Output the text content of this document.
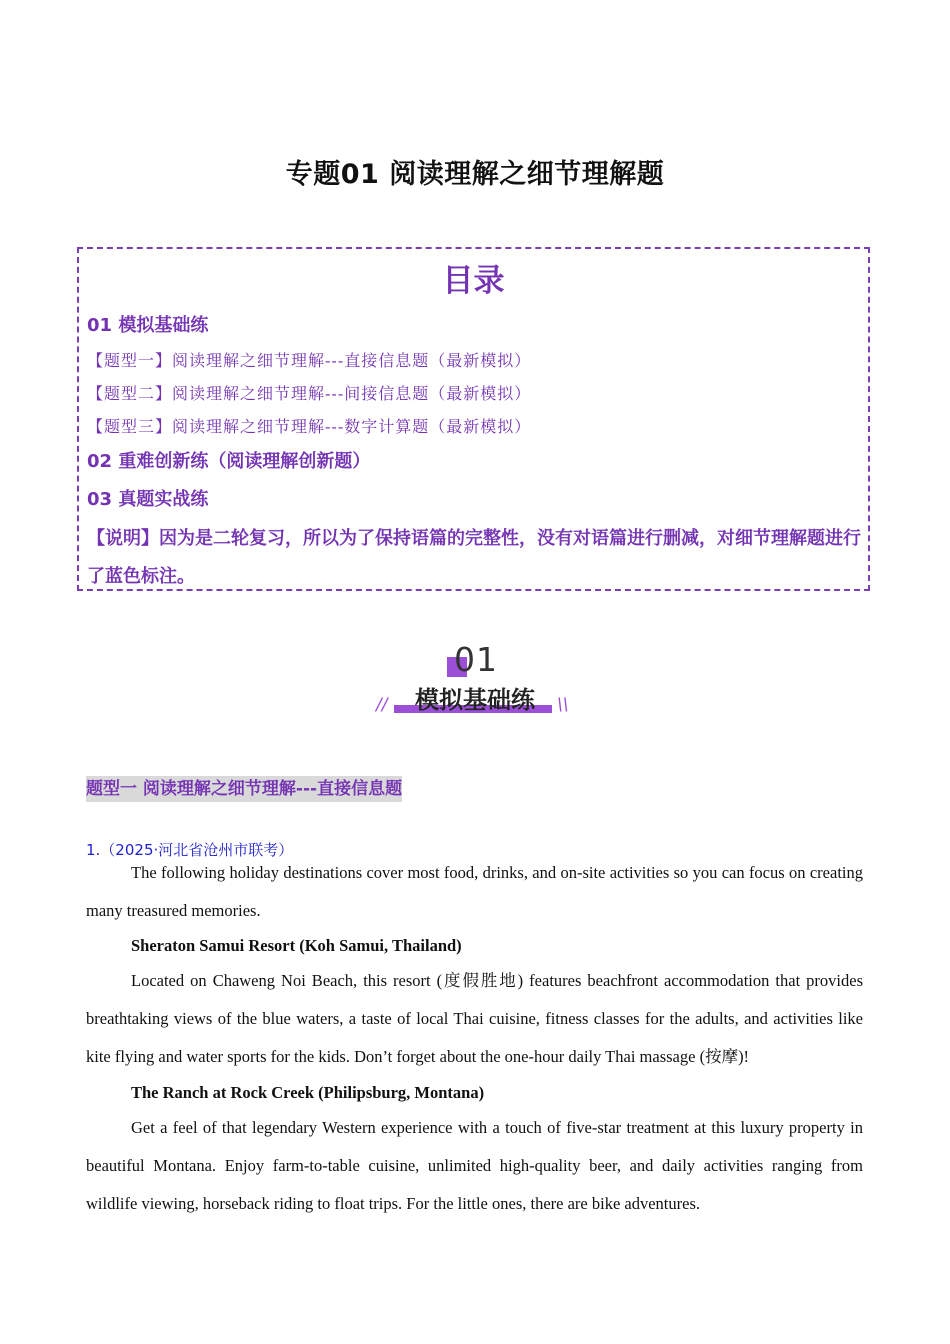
专题01 阅读理解之细节理解题
目录
01 模拟基础练
【题型一】阅读理解之细节理解---直接信息题（最新模拟）
【题型二】阅读理解之细节理解---间接信息题（最新模拟）
【题型三】阅读理解之细节理解---数字计算题（最新模拟）
02 重难创新练（阅读理解创新题）
03 真题实战练
【说明】因为是二轮复习，所以为了保持语篇的完整性，没有对语篇进行删减，对细节理解题进行了蓝色标注。
01
模拟基础练
//	\\
题型一 阅读理解之细节理解---直接信息题
1.（2025·河北省沧州市联考）
The following holiday destinations cover most food, drinks, and on-site activities so you can focus on creating many treasured memories.
Sheraton Samui Resort (Koh Samui, Thailand)
Located on Chaweng Noi Beach, this resort (度假胜地) features beachfront accommodation that provides breathtaking views of the blue waters, a taste of local Thai cuisine, fitness classes for the adults, and activities like kite flying and water sports for the kids. Don’t forget about the one-hour daily Thai massage (按摩)!
The Ranch at Rock Creek (Philipsburg, Montana)
Get a feel of that legendary Western experience with a touch of five-star treatment at this luxury property in beautiful Montana. Enjoy farm-to-table cuisine, unlimited high-quality beer, and daily activities ranging from wildlife viewing, horseback riding to float trips. For the little ones, there are bike adventures.
